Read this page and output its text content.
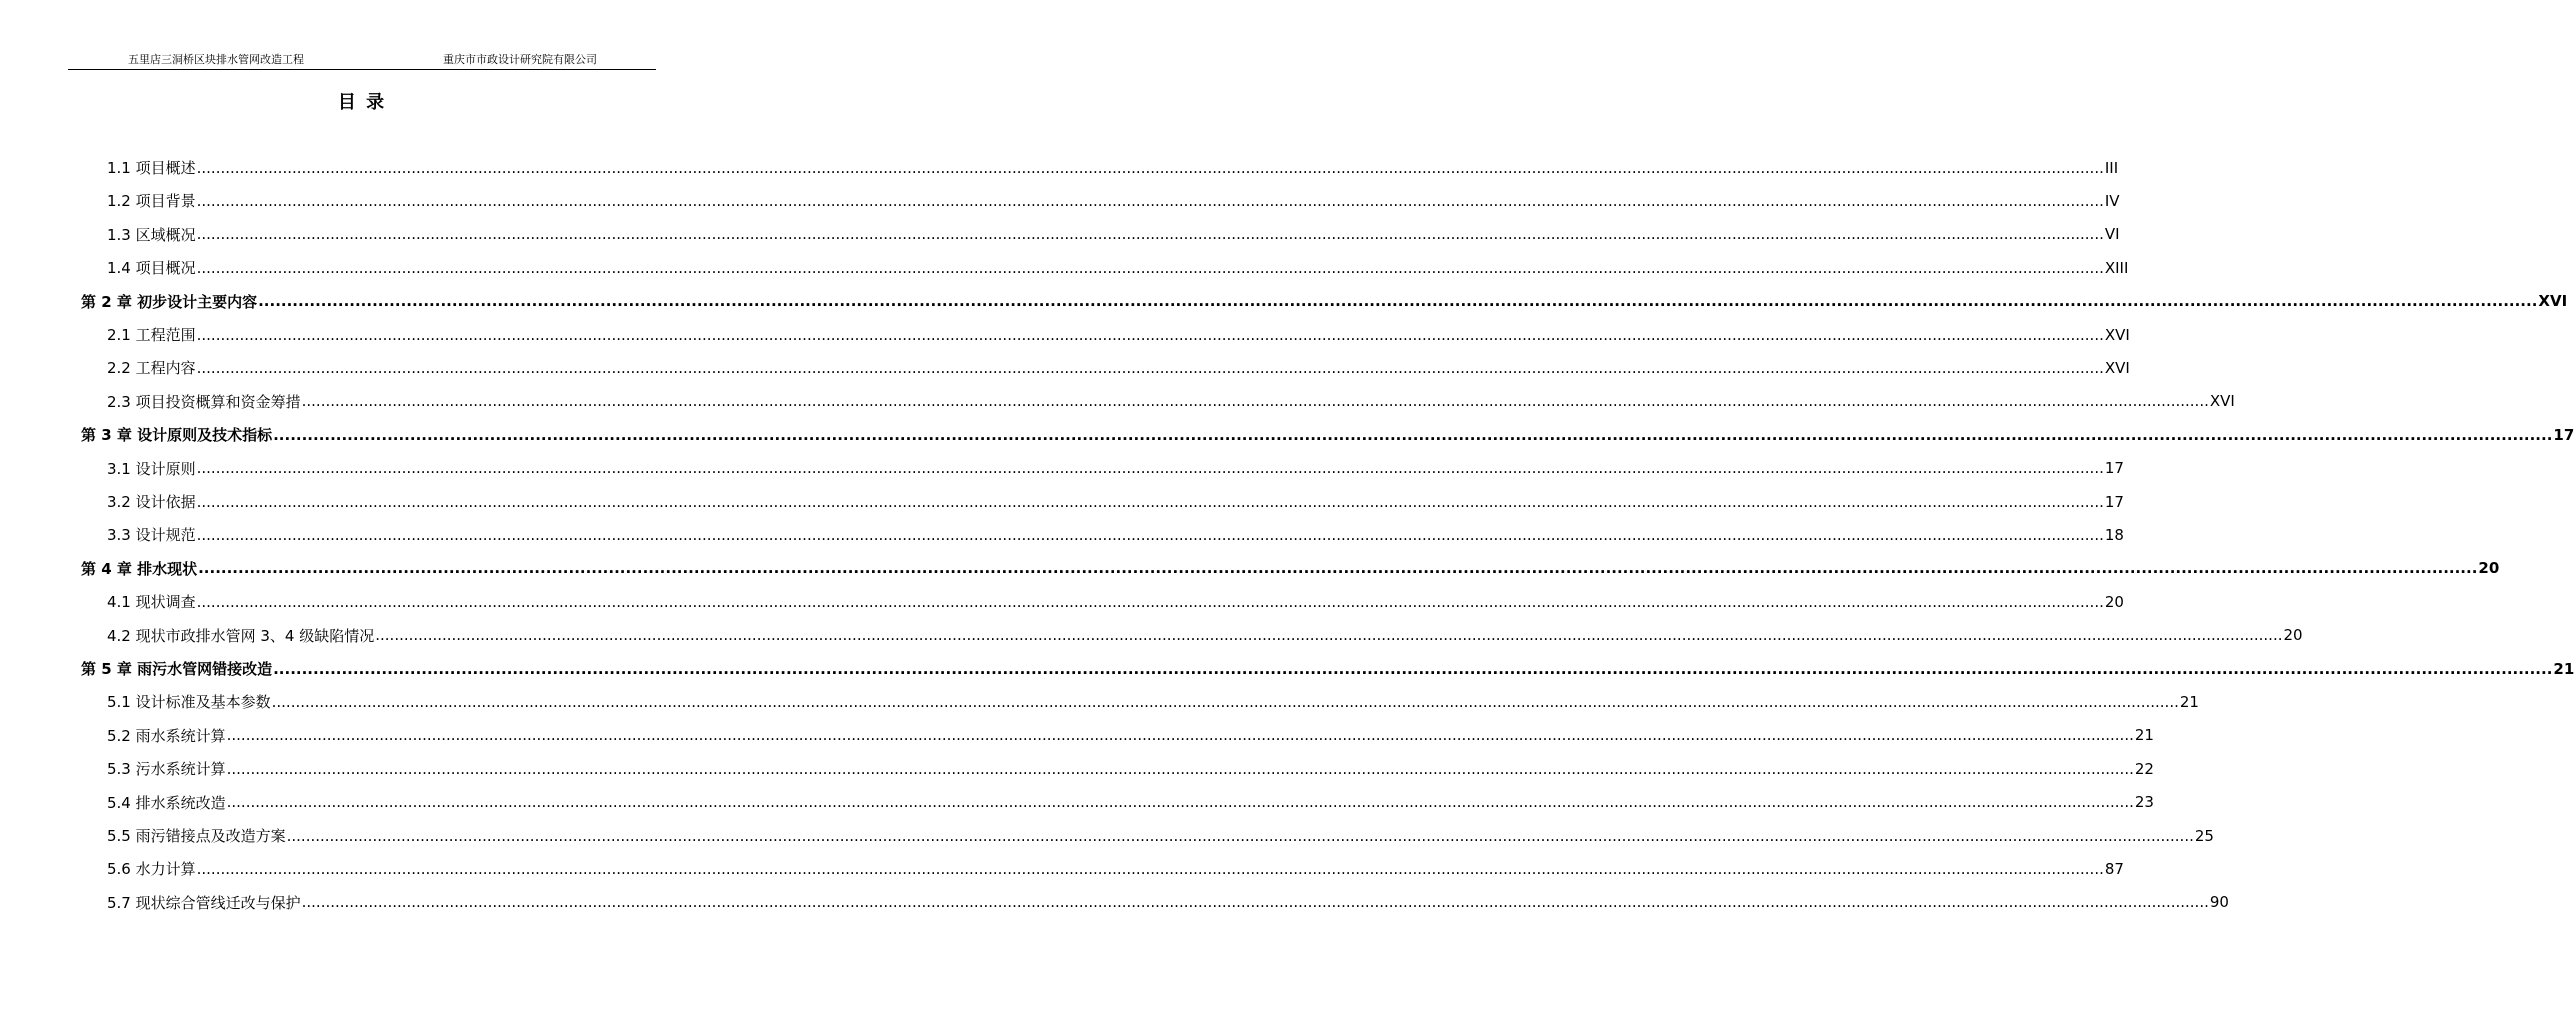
五里店三洞桥区块排水管网改造工程	重庆市市政设计研究院有限公司
目 录
1.1 项目概述 ................................................................................................................................................................................................................................................................................................................................................................................................................ III
1.2 项目背景 ................................................................................................................................................................................................................................................................................................................................................................................................................ IV
1.3 区域概况 ................................................................................................................................................................................................................................................................................................................................................................................................................ VI
1.4 项目概况 ................................................................................................................................................................................................................................................................................................................................................................................................................ XIII
第 2 章 初步设计主要内容 ................................................................................................................................................................................................................................................................................................................................................................................................................ XVI
2.1 工程范围 ................................................................................................................................................................................................................................................................................................................................................................................................................ XVI
2.2 工程内容 ................................................................................................................................................................................................................................................................................................................................................................................................................ XVI
2.3 项目投资概算和资金筹措 ................................................................................................................................................................................................................................................................................................................................................................................................................ XVI
第 3 章 设计原则及技术指标 ................................................................................................................................................................................................................................................................................................................................................................................................................ 17
3.1 设计原则 ................................................................................................................................................................................................................................................................................................................................................................................................................ 17
3.2 设计依据 ................................................................................................................................................................................................................................................................................................................................................................................................................ 17
3.3 设计规范 ................................................................................................................................................................................................................................................................................................................................................................................................................ 18
第 4 章 排水现状 ................................................................................................................................................................................................................................................................................................................................................................................................................ 20
4.1 现状调查 ................................................................................................................................................................................................................................................................................................................................................................................................................ 20
4.2 现状市政排水管网 3、4 级缺陷情况 ................................................................................................................................................................................................................................................................................................................................................................................................................ 20
第 5 章 雨污水管网错接改造 ................................................................................................................................................................................................................................................................................................................................................................................................................ 21
5.1 设计标准及基本参数 ................................................................................................................................................................................................................................................................................................................................................................................................................ 21
5.2 雨水系统计算 ................................................................................................................................................................................................................................................................................................................................................................................................................ 21
5.3 污水系统计算 ................................................................................................................................................................................................................................................................................................................................................................................................................ 22
5.4 排水系统改造 ................................................................................................................................................................................................................................................................................................................................................................................................................ 23
5.5 雨污错接点及改造方案 ................................................................................................................................................................................................................................................................................................................................................................................................................ 25
5.6 水力计算 ................................................................................................................................................................................................................................................................................................................................................................................................................ 87
5.7 现状综合管线迁改与保护 ................................................................................................................................................................................................................................................................................................................................................................................................................ 90
